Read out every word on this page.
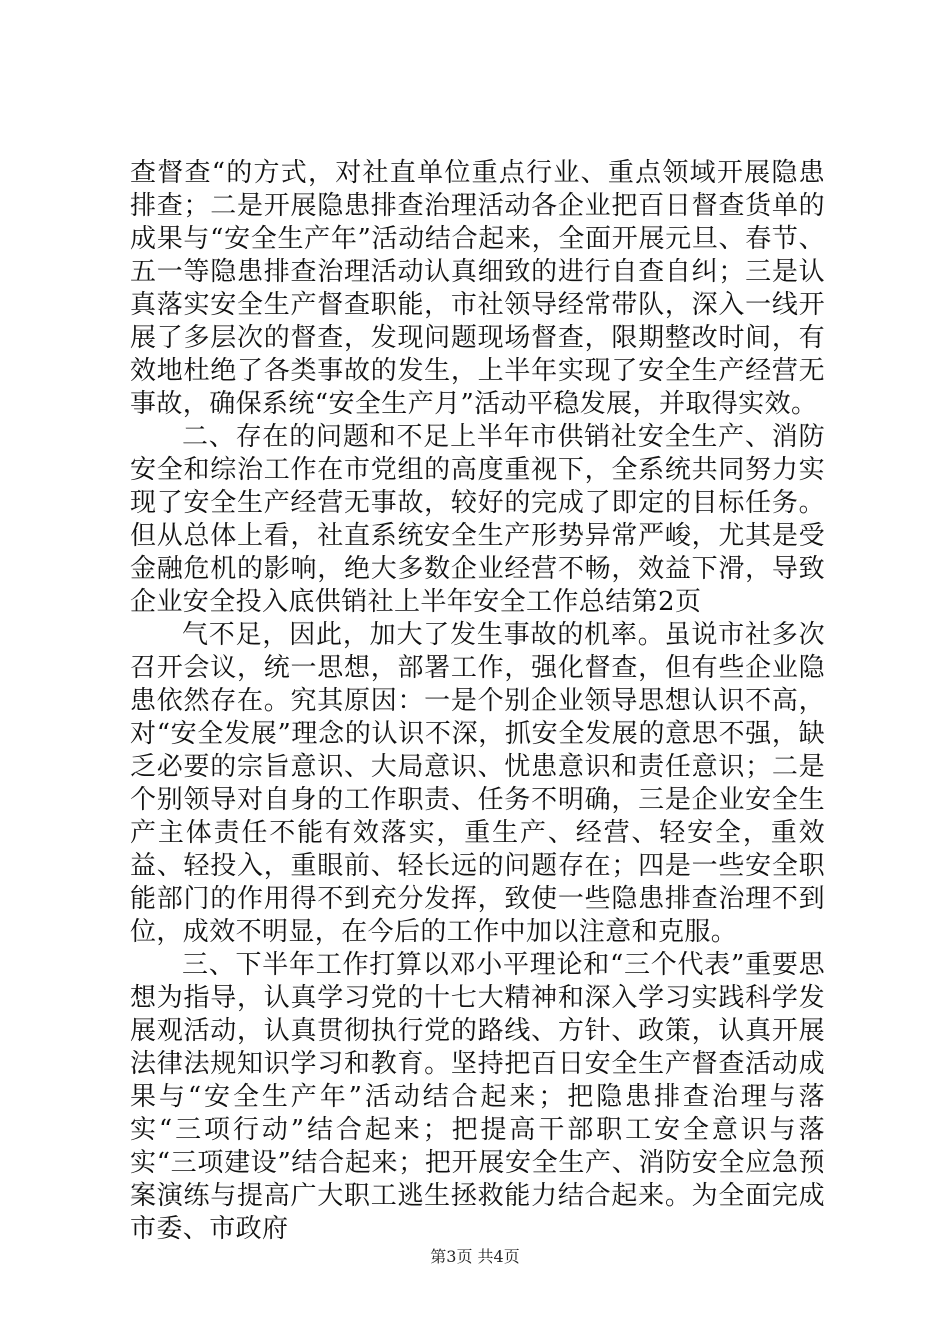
查督查“的方式，对社直单位重点行业、重点领域开展隐患排查；二是开展隐患排查治理活动各企业把百日督查货单的成果与“安全生产年”活动结合起来，全面开展元旦、春节、五一等隐患排查治理活动认真细致的进行自查自纠；三是认真落实安全生产督查职能，市社领导经常带队，深入一线开展了多层次的督查，发现问题现场督查，限期整改时间，有效地杜绝了各类事故的发生，上半年实现了安全生产经营无事故，确保系统“安全生产月”活动平稳发展，并取得实效。

二、存在的问题和不足上半年市供销社安全生产、消防安全和综治工作在市党组的高度重视下，全系统共同努力实现了安全生产经营无事故，较好的完成了即定的目标任务。但从总体上看，社直系统安全生产形势异常严峻，尤其是受金融危机的影响，绝大多数企业经营不畅，效益下滑，导致企业安全投入底供销社上半年安全工作总结第2页

气不足，因此，加大了发生事故的机率。虽说市社多次召开会议，统一思想，部署工作，强化督查，但有些企业隐患依然存在。究其原因：一是个别企业领导思想认识不高，对“安全发展”理念的认识不深，抓安全发展的意思不强，缺乏必要的宗旨意识、大局意识、忧患意识和责任意识；二是个别领导对自身的工作职责、任务不明确，三是企业安全生产主体责任不能有效落实，重生产、经营、轻安全，重效益、轻投入，重眼前、轻长远的问题存在；四是一些安全职能部门的作用得不到充分发挥，致使一些隐患排查治理不到位，成效不明显，在今后的工作中加以注意和克服。

三、下半年工作打算以邓小平理论和“三个代表”重要思想为指导，认真学习党的十七大精神和深入学习实践科学发展观活动，认真贯彻执行党的路线、方针、政策，认真开展法律法规知识学习和教育。坚持把百日安全生产督查活动成果与“安全生产年”活动结合起来；把隐患排查治理与落实“三项行动”结合起来；把提高干部职工安全意识与落实“三项建设”结合起来；把开展安全生产、消防安全应急预案演练与提高广大职工逃生拯救能力结合起来。为全面完成市委、市政府

第3页 共4页
